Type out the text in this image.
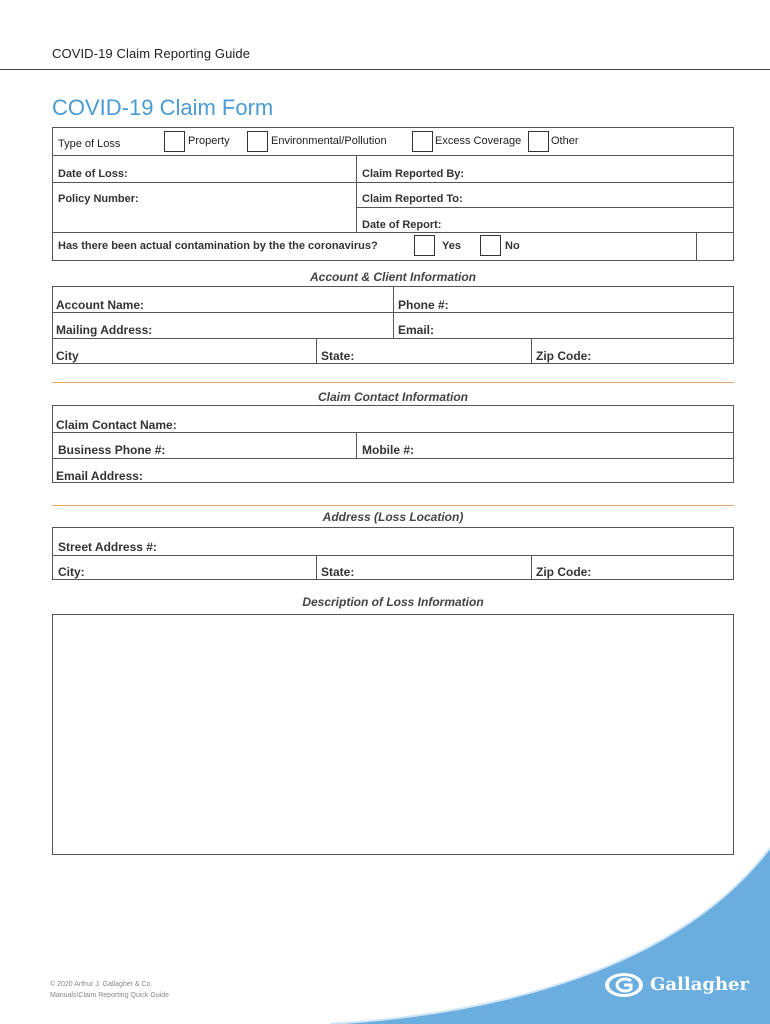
COVID-19 Claim Reporting Guide
COVID-19 Claim Form
Type of Loss	Property	Environmental/Pollution	Excess Coverage	Other
Date of Loss:	Claim Reported By:
Policy Number:	Claim Reported To:
Date of Report:
Has there been actual contamination by the the coronavirus?	Yes	No
Account & Client Information
Account Name:	Phone #:
Mailing Address:	Email:
City	State:	Zip Code:
Claim Contact Information
Claim Contact Name:
Business Phone #:	Mobile #:
Email Address:
Address (Loss Location)
Street Address #:
City:	State:	Zip Code:
Description of Loss Information
© 2020 Arthur J. Gallagher & Co.
Manuals\Claim Reporting Quick Guide
Gallagher
